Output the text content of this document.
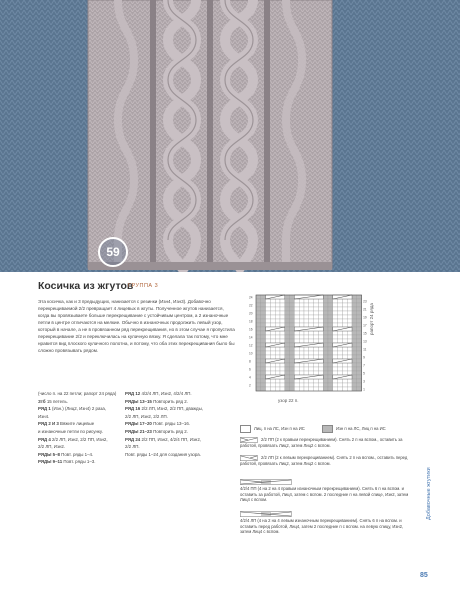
59
Косичка из жгутов
ГРУППА 3
Эта косичка, как и 3 предыдущих, нанизается с резинки (Изн4, Изн3). Добавочно перекрещиваемой 2/2 превращает 4 лицевых в жгуты. Полученное жгутов нанизается, когда вы провязываете больше перекрещивание с устойчивым центром, а 2 изнаночные петли в центре отличаются на мелкие. Обычно в изнаночных продолжить левый узор, который в начале, а не в провязанном ряд перекрещивания, но в этом случае я пропустила перекрещивание 2/2 и переключилась на кулачную вязку. Я сделала так потому, что мне нравится вид плоского кулачного полотна, и потому, что оба этих перекрещивания было бы сложно провязывать рядом.
(число п. на 22 петли; рапорт 24 ряда)
Зтб 15 петель.
РЯД 1 (Изн.) (Лиц2, Изн4) 2 раза,
Изн4.
РЯД 2 И 3 Вяжите лицевые
и изнаночные петли по рисунку.
РЯД 4 2/2 ЛП, Изн2, 2/2 ПП, Изн2,
2/2 ЛП, Изн2.
РЯДЫ 5–8 Повт. ряды 1–4.
РЯДЫ 9–11 Повт. ряды 1–3.
РЯД 12 4/2/4 ЛП, Изн2, 4/2/4 ЛП.
РЯДЫ 13–15 Повторить ряд 2.
РЯД 16 2/2 ЛП, Изн2, 2/2 ПП, дважды,
2/2 ЛП, Изн2, 2/2 ЛП.
РЯДЫ 17–20 Повт. ряды 13–16.
РЯДЫ 21–23 Повторить ряд 2.
РЯД 24 2/2 ПП, Изн2, 4/2/4 ПП, Изн2,
2/2 ЛП.
Повт. ряды 1–24 для создания узора.
24
22
20
18
16
14
12
10
8
6
4
2
23
21
19
17
15
13
11
9
7
5
3
1
узор 22 п.
рапорт 24 ряда
Лиц. п на ЛС, Изн п на ИС	Изн п на ЛС, Лиц п на ИС
2/2 ПП (2 к правым перекрещиванием). Снять 2 п на вспом., оставить за работой, провязать Лиц2, затем Лиц2 с вспом.
2/2 ЛП (2 к левым перекрещиванием). Снять 2 п на вспом., оставить перед работой, провязать Лиц2, затем Лиц2 с вспом.
4/2/4 ПП (4 на 2 на 4 правым изнаночным перекрещиванием). Снять 6 п на вспом. и оставить за работой, Лиц4, затем с вспом. 2 последние п на левой спице, Изн2, затем Лиц4 с вспом.
4/2/4 ЛП (4 на 2 на 4 левым изнаночным перекрещиванием). Снять 6 п на вспом. и оставить перед работой, Лиц4, затем 2 последние п с вспом. на левую спицу, Изн2, затем Лиц4 с вспом.
Добавочные жгутики
85
